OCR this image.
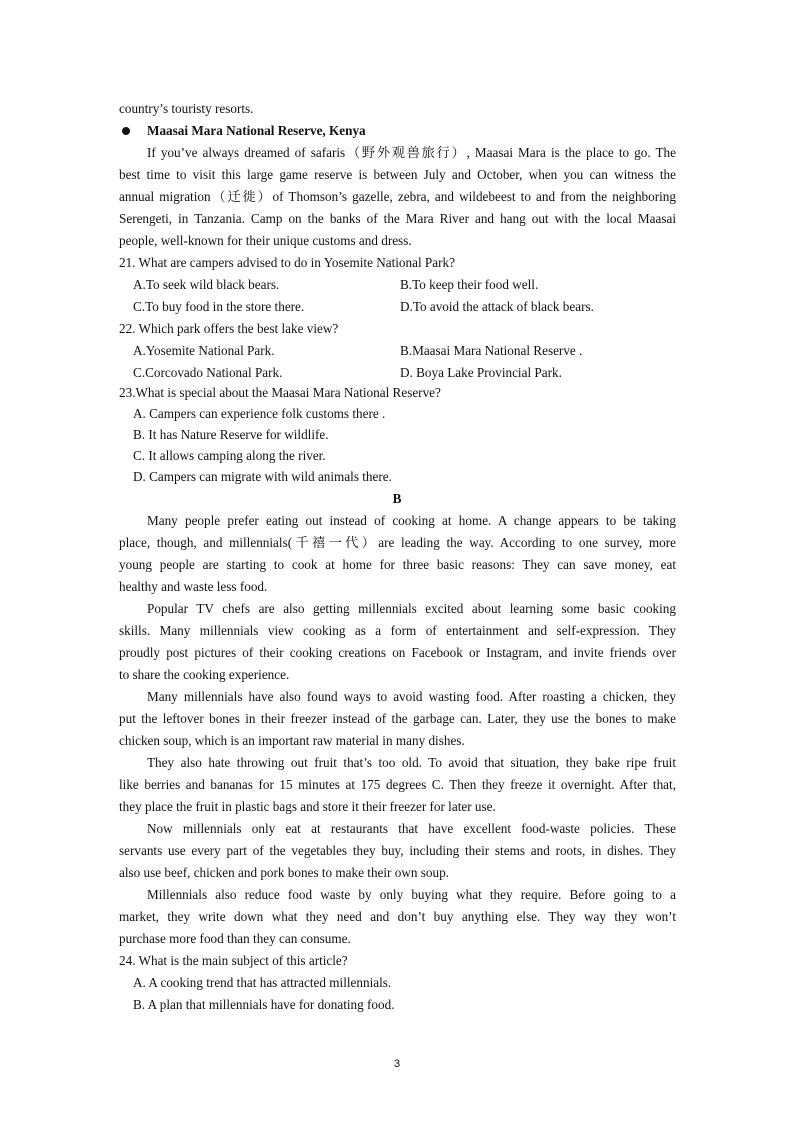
country’s touristy resorts.
Maasai Mara National Reserve, Kenya
If you’ve always dreamed of safaris（野外观兽旅行）, Maasai Mara is the place to go. The
best time to visit this large game reserve is between July and October, when you can witness the
annual migration（迁徙）of Thomson’s gazelle, zebra, and wildebeest to and from the neighboring
Serengeti, in Tanzania. Camp on the banks of the Mara River and hang out with the local Maasai
people, well-known for their unique customs and dress.
21. What are campers advised to do in Yosemite National Park?
A.To seek wild black bears.	B.To keep their food well.
C.To buy food in the store there.	D.To avoid the attack of black bears.
22. Which park offers the best lake view?
A.Yosemite National Park.	B.Maasai Mara National Reserve .
C.Corcovado National Park.	D. Boya Lake Provincial Park.
23.What is special about the Maasai Mara National Reserve?
A. Campers can experience folk customs there .
B. It has Nature Reserve for wildlife.
C. It allows camping along the river.
D. Campers can migrate with wild animals there.
B
Many people prefer eating out instead of cooking at home. A change appears to be taking
place, though, and millennials(千禧一代）are leading the way. According to one survey, more
young people are starting to cook at home for three basic reasons: They can save money, eat
healthy and waste less food.
Popular TV chefs are also getting millennials excited about learning some basic cooking
skills. Many millennials view cooking as a form of entertainment and self-expression. They
proudly post pictures of their cooking creations on Facebook or Instagram, and invite friends over
to share the cooking experience.
Many millennials have also found ways to avoid wasting food. After roasting a chicken, they
put the leftover bones in their freezer instead of the garbage can. Later, they use the bones to make
chicken soup, which is an important raw material in many dishes.
They also hate throwing out fruit that’s too old. To avoid that situation, they bake ripe fruit
like berries and bananas for 15 minutes at 175 degrees C. Then they freeze it overnight. After that,
they place the fruit in plastic bags and store it their freezer for later use.
Now millennials only eat at restaurants that have excellent food-waste policies. These
servants use every part of the vegetables they buy, including their stems and roots, in dishes. They
also use beef, chicken and pork bones to make their own soup.
Millennials also reduce food waste by only buying what they require. Before going to a
market, they write down what they need and don’t buy anything else. They way they won’t
purchase more food than they can consume.
24. What is the main subject of this article?
A. A cooking trend that has attracted millennials.
B. A plan that millennials have for donating food.
3
